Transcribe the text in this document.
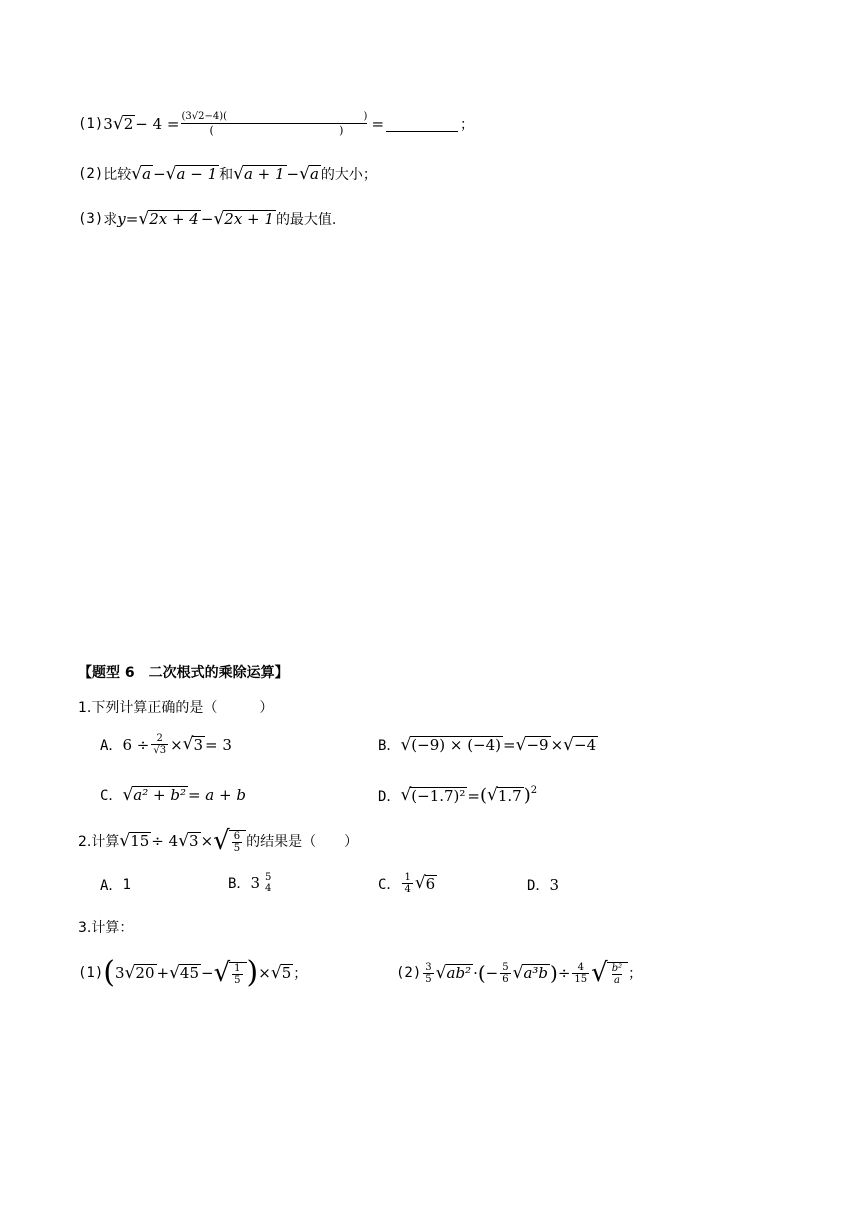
(1) 3 √ 2 − 4 = (3√2−4)(	)
(	) =	；
(2) 比较 √ a − √ a − 1 和 √ a + 1 − √ a 的大小；
(3) 求 y = √ 2x + 4 − √ 2x + 1 的最大值.
【题型 6　二次根式的乘除运算】
1.下列计算正确的是（　　　）
A． $6 \div \frac{2}{√3}$ × √ 3 = 3	B． √ (−9) × (−4) = √ −9 × √ −4
C． √ a² + b² = a + b	D． √ (−1.7)² = ( √ 1.7 )$^2$
2.计算 √ 15 ÷ 4 √ 3 × √ $\frac{6}{5}$ 的结果是（　　）
A． 1	B． 3 5
4	C． $\frac{1}{4}$ √ 6	D． 3
3.计算：
(1) ( 3 √ 20 + √ 45 − √ $\frac{1}{5}$ ) × √ 5 ；	$(2) \frac{3}{5}$ √ ab² · ( − $\frac{5}{6}$ √ a³b ) ÷ $\frac{4}{15}$ √ $\frac{\text{b²}}{a}$ ；
